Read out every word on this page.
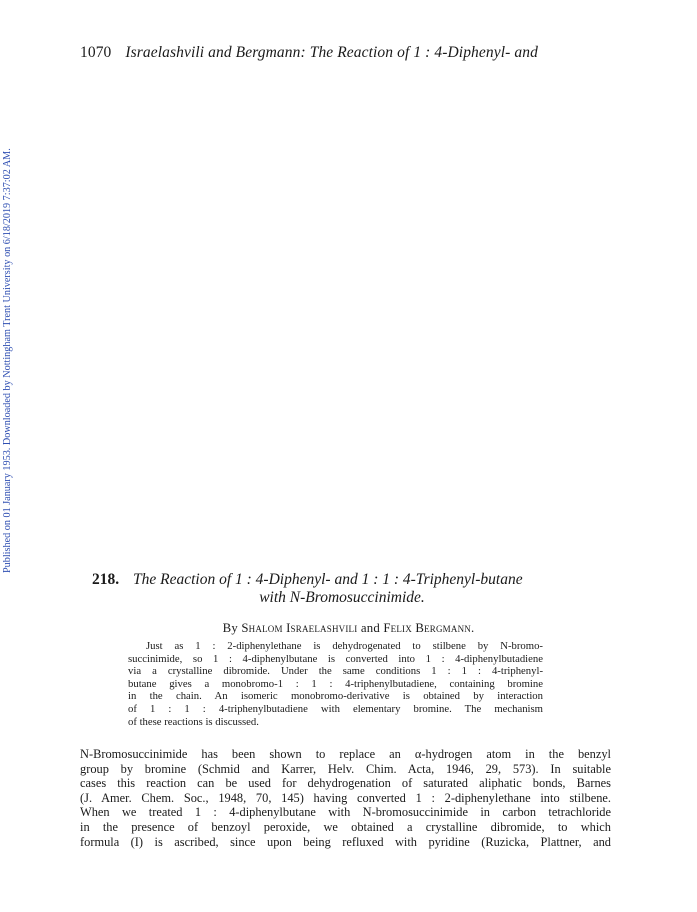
1070 Israelashvili and Bergmann: The Reaction of 1 : 4-Diphenyl- and
Published on 01 January 1953. Downloaded by Nottingham Trent University on 6/18/2019 7:37:02 AM.
218. The Reaction of 1 : 4-Diphenyl- and 1 : 1 : 4-Triphenyl-butane
with N-Bromosuccinimide.
By Shalom Israelashvili and Felix Bergmann.

Just as 1 : 2-diphenylethane is dehydrogenated to stilbene by N-bromo-
succinimide, so 1 : 4-diphenylbutane is converted into 1 : 4-diphenylbutadiene
via a crystalline dibromide. Under the same conditions 1 : 1 : 4-triphenyl-
butane gives a monobromo-1 : 1 : 4-triphenylbutadiene, containing bromine
in the chain. An isomeric monobromo-derivative is obtained by interaction
of 1 : 1 : 4-triphenylbutadiene with elementary bromine. The mechanism
of these reactions is discussed.

N-Bromosuccinimide has been shown to replace an α-hydrogen atom in the benzyl
group by bromine (Schmid and Karrer, Helv. Chim. Acta, 1946, 29, 573). In suitable
cases this reaction can be used for dehydrogenation of saturated aliphatic bonds, Barnes
(J. Amer. Chem. Soc., 1948, 70, 145) having converted 1 : 2-diphenylethane into stilbene.
When we treated 1 : 4-diphenylbutane with N-bromosuccinimide in carbon tetrachloride
in the presence of benzoyl peroxide, we obtained a crystalline dibromide, to which
formula (I) is ascribed, since upon being refluxed with pyridine (Ruzicka, Plattner, and
